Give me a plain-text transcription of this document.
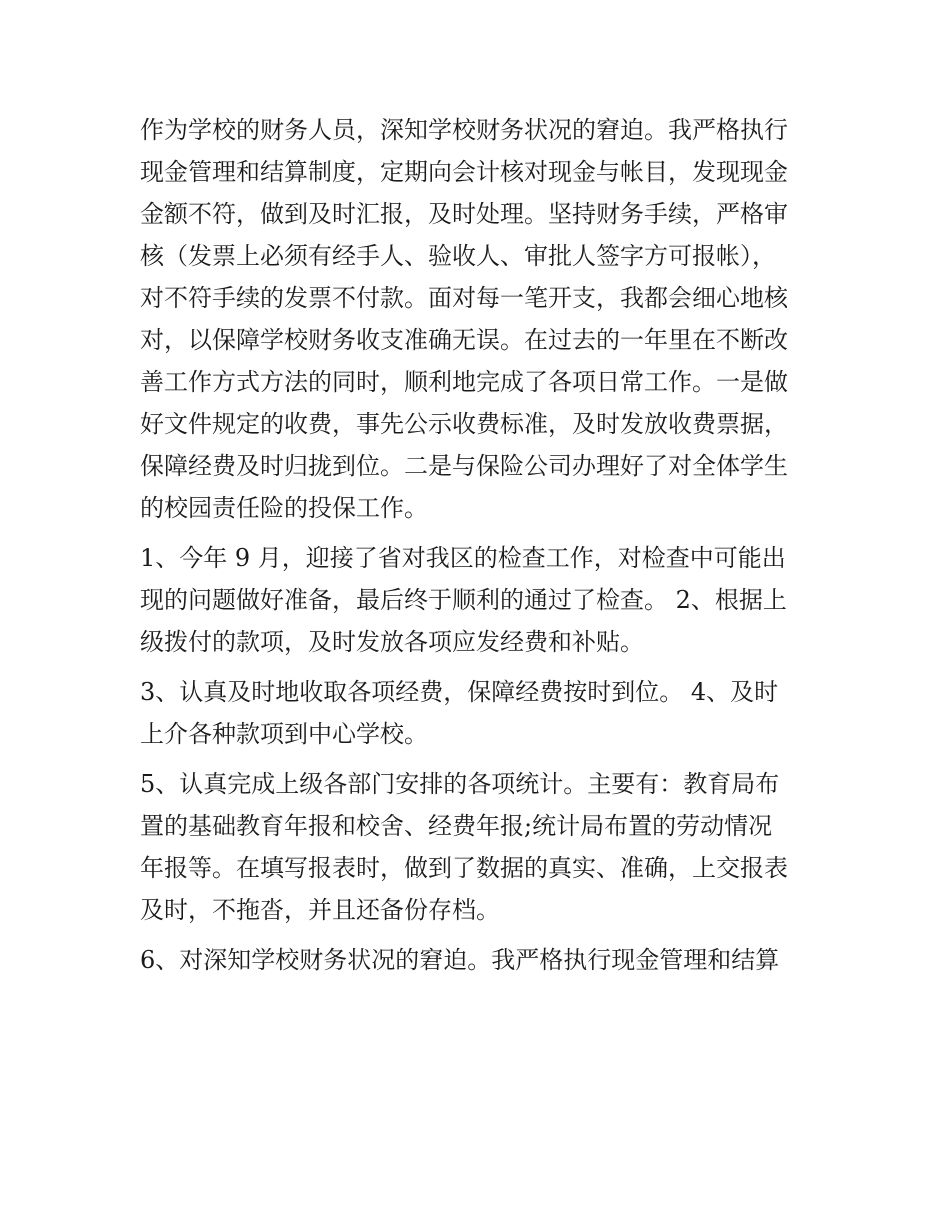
作为学校的财务人员，深知学校财务状况的窘迫。我严格执行
现金管理和结算制度，定期向会计核对现金与帐目，发现现金
金额不符，做到及时汇报，及时处理。坚持财务手续，严格审
核（发票上必须有经手人、验收人、审批人签字方可报帐），
对不符手续的发票不付款。面对每一笔开支，我都会细心地核
对，以保障学校财务收支准确无误。在过去的一年里在不断改
善工作方式方法的同时，顺利地完成了各项日常工作。一是做
好文件规定的收费，事先公示收费标准，及时发放收费票据，
保障经费及时归拢到位。二是与保险公司办理好了对全体学生
的校园责任险的投保工作。
1、今年 9 月，迎接了省对我区的检查工作，对检查中可能出
现的问题做好准备，最后终于顺利的通过了检查。 2、根据上
级拨付的款项，及时发放各项应发经费和补贴。
3、认真及时地收取各项经费，保障经费按时到位。 4、及时
上介各种款项到中心学校。
5、认真完成上级各部门安排的各项统计。主要有：教育局布
置的基础教育年报和校舍、经费年报;统计局布置的劳动情况
年报等。在填写报表时，做到了数据的真实、准确，上交报表
及时，不拖沓，并且还备份存档。
6、对深知学校财务状况的窘迫。我严格执行现金管理和结算
